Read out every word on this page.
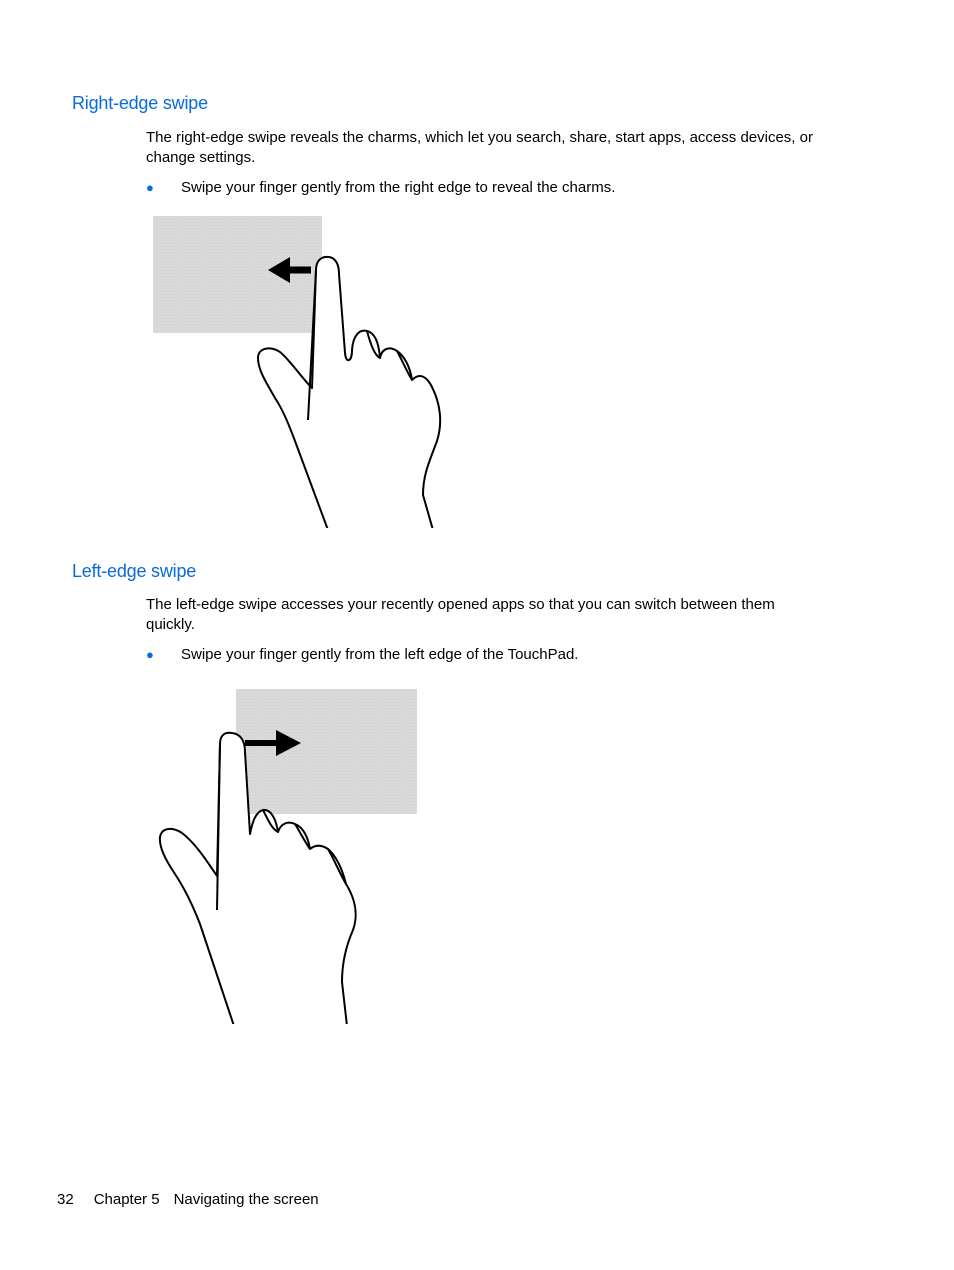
Right-edge swipe

The right-edge swipe reveals the charms, which let you search, share, start apps, access devices, or
change settings.

● Swipe your finger gently from the right edge to reveal the charms.
Left-edge swipe

The left-edge swipe accesses your recently opened apps so that you can switch between them
quickly.

● Swipe your finger gently from the left edge of the TouchPad.
32 Chapter 5 Navigating the screen
